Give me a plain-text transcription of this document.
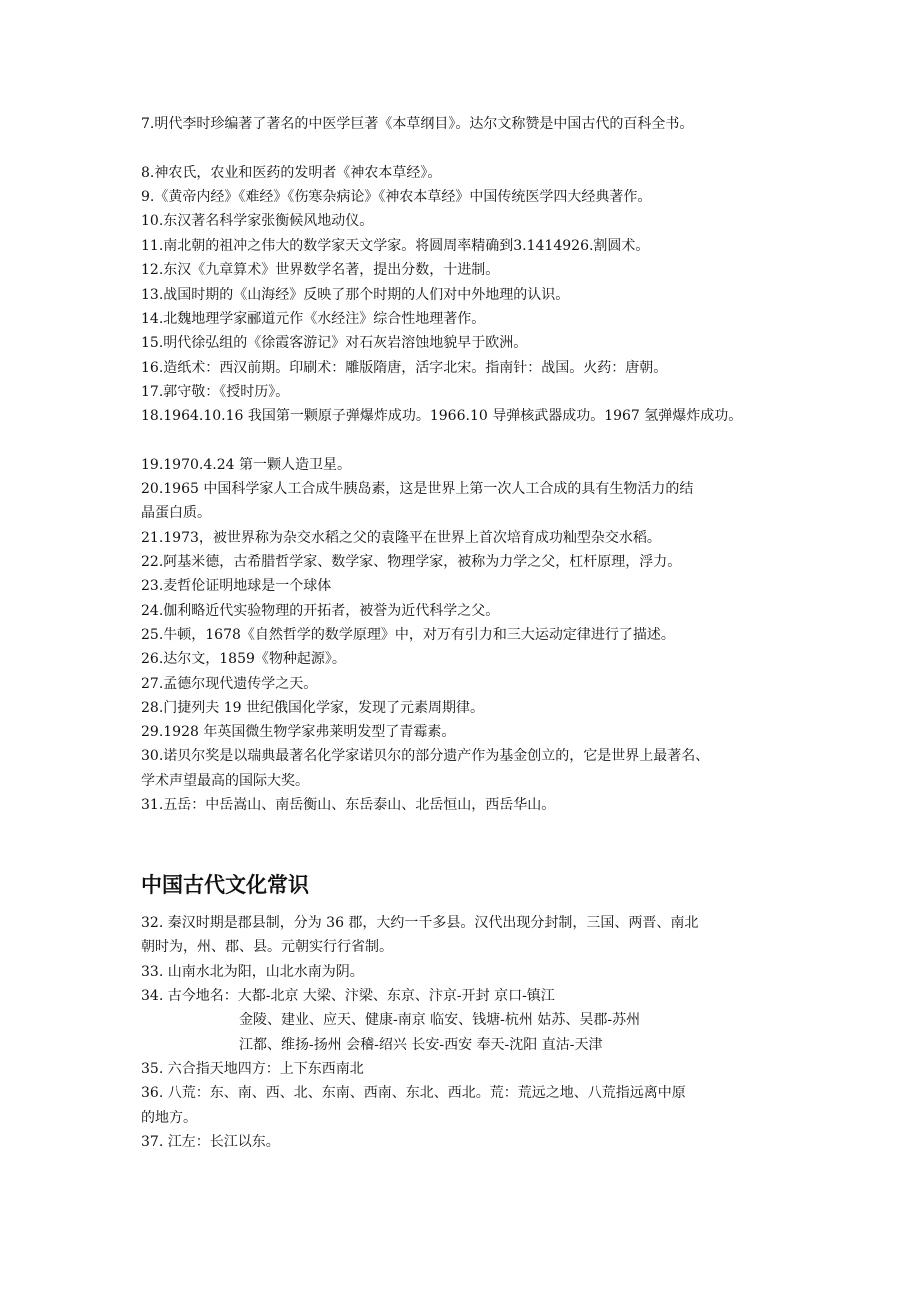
7.明代李时珍编著了著名的中医学巨著《本草纲目》。达尔文称赞是中国古代的百科全书。

8.神农氏，农业和医药的发明者《神农本草经》。

9.《黄帝内经》《难经》《伤寒杂病论》《神农本草经》中国传统医学四大经典著作。

10.东汉著名科学家张衡候风地动仪。

11.南北朝的祖冲之伟大的数学家天文学家。将圆周率精确到3.1414926.割圆术。

12.东汉《九章算术》世界数学名著，提出分数，十进制。

13.战国时期的《山海经》反映了那个时期的人们对中外地理的认识。

14.北魏地理学家郦道元作《水经注》综合性地理著作。

15.明代徐弘组的《徐霞客游记》对石灰岩溶蚀地貌早于欧洲。

16.造纸术：西汉前期。印刷术：雕版隋唐，活字北宋。指南针：战国。火药：唐朝。

17.郭守敬：《授时历》。

18.1964.10.16 我国第一颗原子弹爆炸成功。1966.10 导弹核武器成功。1967 氢弹爆炸成功。

19.1970.4.24 第一颗人造卫星。

20.1965 中国科学家人工合成牛胰岛素，这是世界上第一次人工合成的具有生物活力的结

晶蛋白质。

21.1973，被世界称为杂交水稻之父的袁隆平在世界上首次培育成功籼型杂交水稻。

22.阿基米德，古希腊哲学家、数学家、物理学家，被称为力学之父，杠杆原理，浮力。

23.麦哲伦证明地球是一个球体

24.伽利略近代实验物理的开拓者，被誉为近代科学之父。

25.牛顿，1678《自然哲学的数学原理》中，对万有引力和三大运动定律进行了描述。

26.达尔文，1859《物种起源》。

27.孟德尔现代遗传学之天。

28.门捷列夫 19 世纪俄国化学家，发现了元素周期律。

29.1928 年英国微生物学家弗莱明发型了青霉素。

30.诺贝尔奖是以瑞典最著名化学家诺贝尔的部分遗产作为基金创立的，它是世界上最著名、

学术声望最高的国际大奖。

31.五岳：中岳嵩山、南岳衡山、东岳泰山、北岳恒山，西岳华山。

中国古代文化常识

32. 秦汉时期是郡县制，分为 36 郡，大约一千多县。汉代出现分封制，三国、两晋、南北

朝时为，州、郡、县。元朝实行行省制。

33. 山南水北为阳，山北水南为阴。

34. 古今地名：大都-北京 大梁、汴梁、东京、汴京-开封 京口-镇江

金陵、建业、应天、健康-南京 临安、钱塘-杭州 姑苏、吴郡-苏州

江都、维扬-扬州 会稽-绍兴 长安-西安 奉天-沈阳 直沽-天津

35. 六合指天地四方：上下东西南北

36. 八荒：东、南、西、北、东南、西南、东北、西北。荒：荒远之地、八荒指远离中原

的地方。

37. 江左：长江以东。
